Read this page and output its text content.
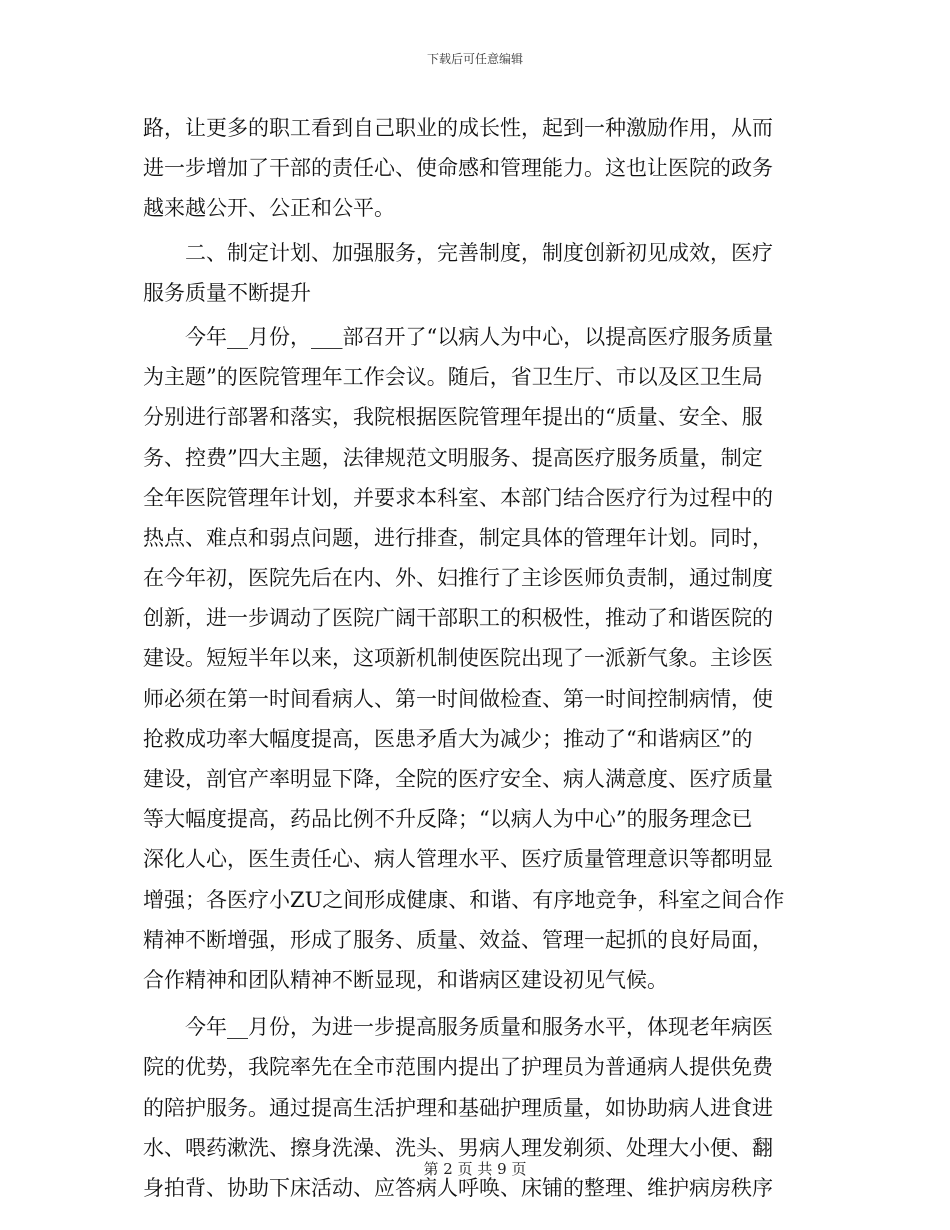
下载后可任意编辑
路，让更多的职工看到自己职业的成长性，起到一种激励作用，从而
进一步增加了干部的责任心、使命感和管理能力。这也让医院的政务
越来越公开、公正和公平。
二、制定计划、加强服务，完善制度，制度创新初见成效，医疗
服务质量不断提升
今年__月份，___部召开了“以病人为中心，以提高医疗服务质量
为主题”的医院管理年工作会议。随后，省卫生厅、市以及区卫生局
分别进行部署和落实，我院根据医院管理年提出的“质量、安全、服
务、控费”四大主题，法律规范文明服务、提高医疗服务质量，制定
全年医院管理年计划，并要求本科室、本部门结合医疗行为过程中的
热点、难点和弱点问题，进行排查，制定具体的管理年计划。同时，
在今年初，医院先后在内、外、妇推行了主诊医师负责制，通过制度
创新，进一步调动了医院广阔干部职工的积极性，推动了和谐医院的
建设。短短半年以来，这项新机制使医院出现了一派新气象。主诊医
师必须在第一时间看病人、第一时间做检查、第一时间控制病情，使
抢救成功率大幅度提高，医患矛盾大为减少；推动了“和谐病区”的
建设，剖官产率明显下降，全院的医疗安全、病人满意度、医疗质量
等大幅度提高，药品比例不升反降；“以病人为中心”的服务理念已
深化人心，医生责任心、病人管理水平、医疗质量管理意识等都明显
增强；各医疗小ZU之间形成健康、和谐、有序地竞争，科室之间合作
精神不断增强，形成了服务、质量、效益、管理一起抓的良好局面，
合作精神和团队精神不断显现，和谐病区建设初见气候。
今年__月份，为进一步提高服务质量和服务水平，体现老年病医
院的优势，我院率先在全市范围内提出了护理员为普通病人提供免费
的陪护服务。通过提高生活护理和基础护理质量，如协助病人进食进
水、喂药漱洗、擦身洗澡、洗头、男病人理发剃须、处理大小便、翻
身拍背、协助下床活动、应答病人呼唤、床铺的整理、维护病房秩序
第 2 页 共 9 页
